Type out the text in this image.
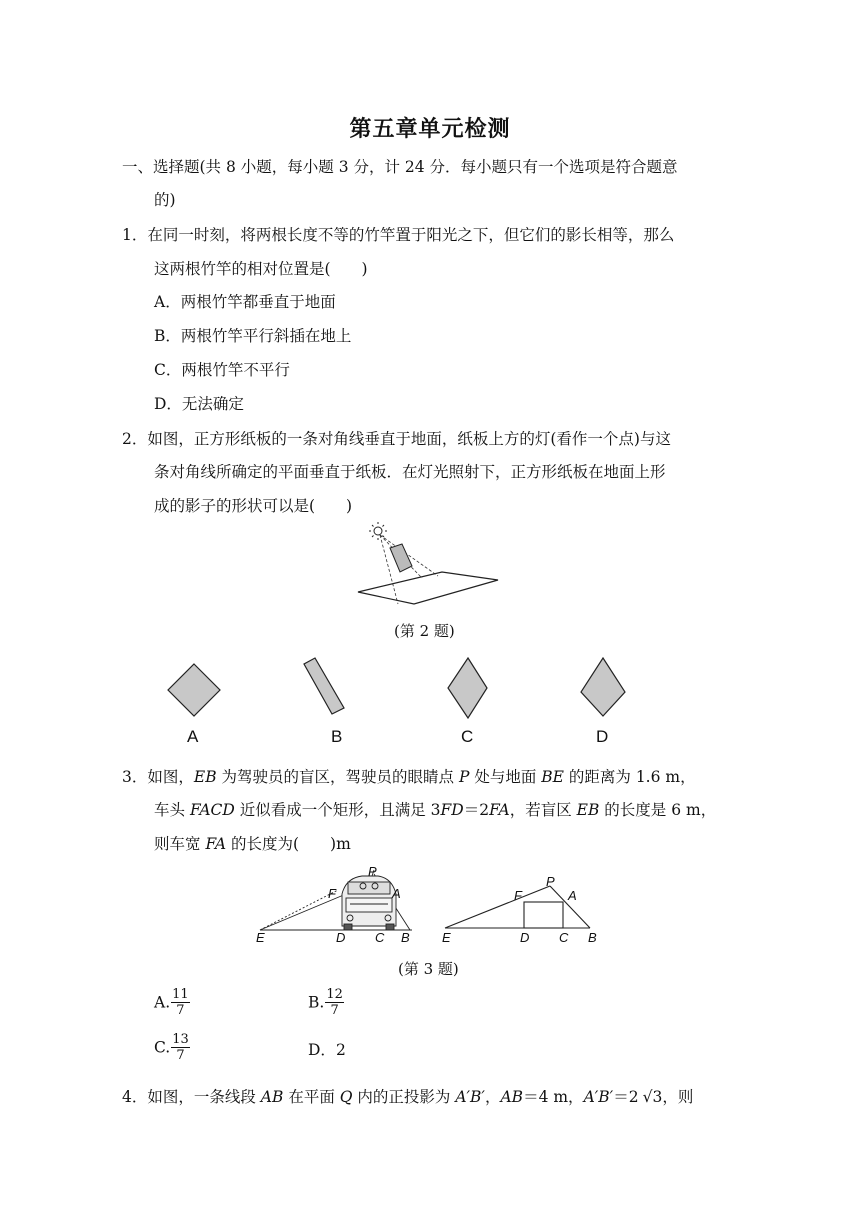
第五章单元检测
一、选择题(共 8 小题，每小题 3 分，计 24 分．每小题只有一个选项是符合题意
的)
1．在同一时刻，将两根长度不等的竹竿置于阳光之下，但它们的影长相等，那么
这两根竹竿的相对位置是(　　)
A．两根竹竿都垂直于地面
B．两根竹竿平行斜插在地上
C．两根竹竿不平行
D．无法确定
2．如图，正方形纸板的一条对角线垂直于地面，纸板上方的灯(看作一个点)与这
条对角线所确定的平面垂直于纸板．在灯光照射下，正方形纸板在地面上形
成的影子的形状可以是(　　)
(第 2 题)
A	B	C	D
3．如图，EB 为驾驶员的盲区，驾驶员的眼睛点 P 处与地面 BE 的距离为 1.6 m，
车头 FACD 近似看成一个矩形，且满足 3FD＝2FA，若盲区 EB 的长度是 6 m，
则车宽 FA 的长度为(　　)m
P
F	A
E	D C B
P
F	A
E	D C B
(第 3 题)
A. $\frac{11}{7}$	B. $\frac{12}{7}$
C. $\frac{13}{7}$	D．2
4．如图，一条线段 AB 在平面 Q 内的正投影为 A′B′，AB＝4 m，A′B′＝2 √3，则
